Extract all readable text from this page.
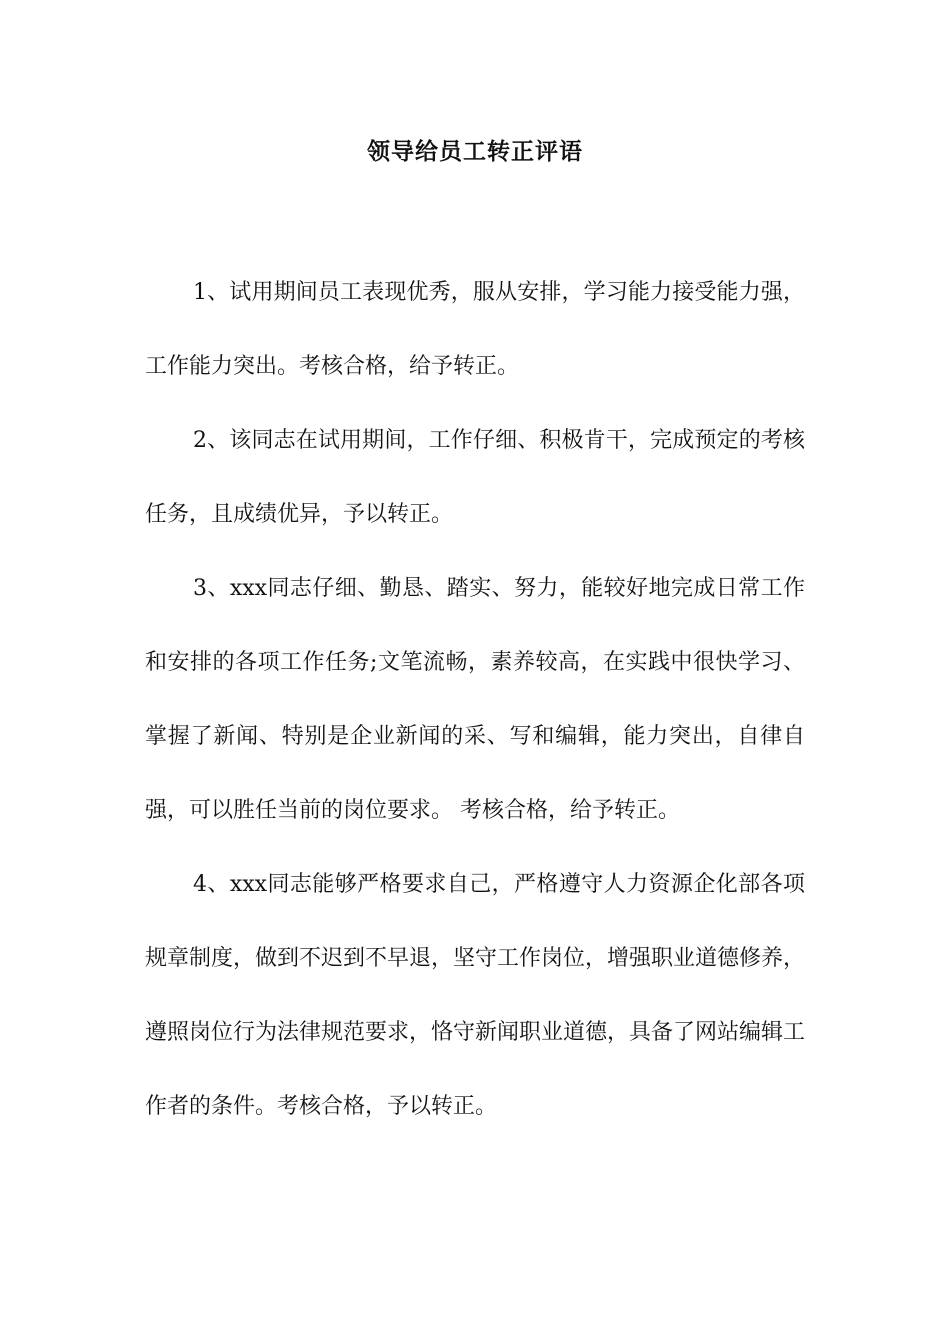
领导给员工转正评语

1、试用期间员工表现优秀，服从安排，学习能力接受能力强，工作能力突出。考核合格，给予转正。

2、该同志在试用期间，工作仔细、积极肯干，完成预定的考核任务，且成绩优异，予以转正。

3、xxx同志仔细、勤恳、踏实、努力，能较好地完成日常工作和安排的各项工作任务;文笔流畅，素养较高，在实践中很快学习、掌握了新闻、特别是企业新闻的采、写和编辑，能力突出，自律自强，可以胜任当前的岗位要求。 考核合格，给予转正。

4、xxx同志能够严格要求自己，严格遵守人力资源企化部各项规章制度，做到不迟到不早退，坚守工作岗位，增强职业道德修养，遵照岗位行为法律规范要求，恪守新闻职业道德，具备了网站编辑工作者的条件。考核合格，予以转正。
